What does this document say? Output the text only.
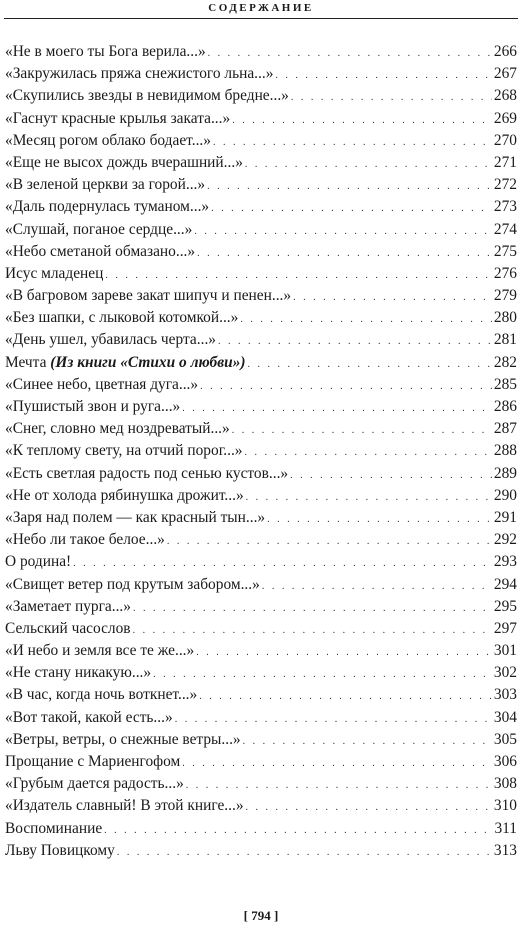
СОДЕРЖАНИЕ
«Не в моего ты Бога верила...» . . .	266
«Закружилась пряжа снежистого льна...» . . .	267
«Скупились звезды в невидимом бредне...» . . .	268
«Гаснут красные крылья заката...» . . .	269
«Месяц рогом облако бодает...» . . .	270
«Еще не высох дождь вчерашний...» . . .	271
«В зеленой церкви за горой...» . . .	272
«Даль подернулась туманом...» . . .	273
«Слушай, поганое сердце...» . . .	274
«Небо сметаной обмазано...» . . .	275
Исус младенец . . .	276
«В багровом зареве закат шипуч и пенен...» . . .	279
«Без шапки, с лыковой котомкой...» . . .	280
«День ушел, убавилась черта...» . . .	281
Мечта (Из книги «Стихи о любви») . . .	282
«Синее небо, цветная дуга...» . . .	285
«Пушистый звон и руга...» . . .	286
«Снег, словно мед ноздреватый...» . . .	287
«К теплому свету, на отчий порог...» . . .	288
«Есть светлая радость под сенью кустов...» . . .	289
«Не от холода рябинушка дрожит...» . . .	290
«Заря над полем — как красный тын...» . . .	291
«Небо ли такое белое...» . . .	292
О родина! . . .	293
«Свищет ветер под крутым забором...» . . .	294
«Заметает пурга...» . . .	295
Сельский часослов . . .	297
«И небо и земля все те же...» . . .	301
«Не стану никакую...» . . .	302
«В час, когда ночь воткнет...» . . .	303
«Вот такой, какой есть...» . . .	304
«Ветры, ветры, о снежные ветры...» . . .	305
Прощание с Мариенгофом . . .	306
«Грубым дается радость...» . . .	308
«Издатель славный! В этой книге...» . . .	310
Воспоминание . . .	311
Льву Повицкому . . .	313
[ 794 ]
